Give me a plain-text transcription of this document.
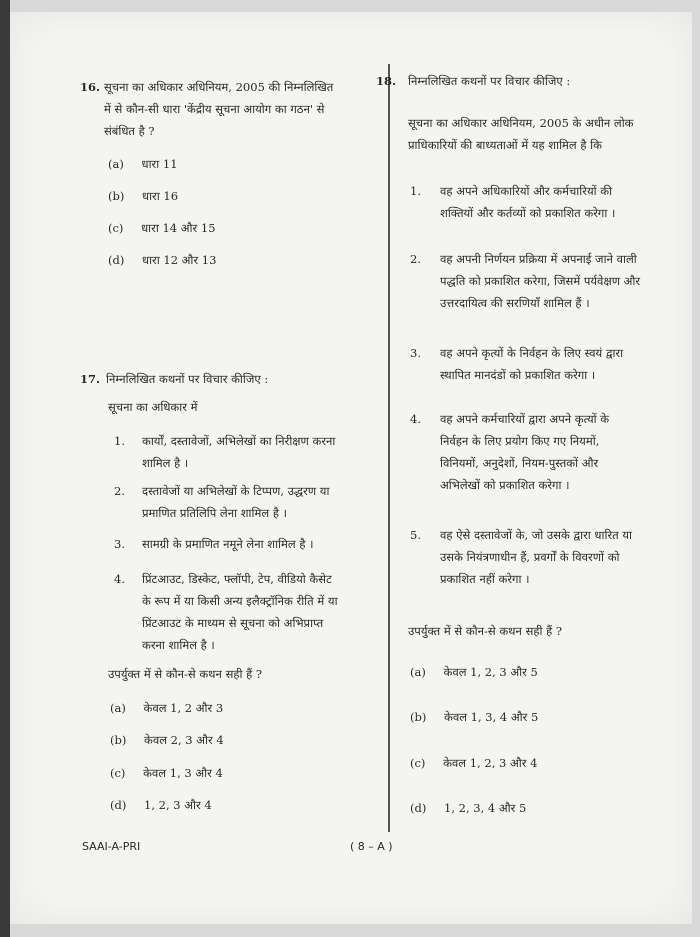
16. सूचना का अधिकार अधिनियम, 2005 की निम्नलिखित
में से कौन-सी धारा 'केंद्रीय सूचना आयोग का गठन' से
संबंधित है ?
(a) धारा 11
(b) धारा 16
(c) धारा 14 और 15
(d) धारा 12 और 13
17. निम्नलिखित कथनों पर विचार कीजिए :
सूचना का अधिकार में
1. कार्यों, दस्तावेजों, अभिलेखों का निरीक्षण करना
शामिल है ।
2. दस्तावेजों या अभिलेखों के टिप्पण, उद्धरण या
प्रमाणित प्रतिलिपि लेना शामिल है ।
3. सामग्री के प्रमाणित नमूने लेना शामिल है ।
4. प्रिंटआउट, डिस्केट, फ्लॉपी, टेप, वीडियो कैसेट
के रूप में या किसी अन्य इलैक्ट्रॉनिक रीति में या
प्रिंटआउट के माध्यम से सूचना को अभिप्राप्त
करना शामिल है ।
उपर्युक्त में से कौन-से कथन सही हैं ?
(a) केवल 1, 2 और 3
(b) केवल 2, 3 और 4
(c) केवल 1, 3 और 4
(d) 1, 2, 3 और 4
18. निम्नलिखित कथनों पर विचार कीजिए :
सूचना का अधिकार अधिनियम, 2005 के अधीन लोक
प्राधिकारियों की बाध्यताओं में यह शामिल है कि
1. वह अपने अधिकारियों और कर्मचारियों की
शक्तियों और कर्तव्यों को प्रकाशित करेगा ।
2. वह अपनी निर्णयन प्रक्रिया में अपनाई जाने वाली
पद्धति को प्रकाशित करेगा, जिसमें पर्यवेक्षण और
उत्तरदायित्व की सरणियाँ शामिल हैं ।
3. वह अपने कृत्यों के निर्वहन के लिए स्वयं द्वारा
स्थापित मानदंडों को प्रकाशित करेगा ।
4. वह अपने कर्मचारियों द्वारा अपने कृत्यों के
निर्वहन के लिए प्रयोग किए गए नियमों,
विनियमों, अनुदेशों, नियम-पुस्तकों और
अभिलेखों को प्रकाशित करेगा ।
5. वह ऐसे दस्तावेजों के, जो उसके द्वारा धारित या
उसके नियंत्रणाधीन हैं, प्रवर्गों के विवरणों को
प्रकाशित नहीं करेगा ।
उपर्युक्त में से कौन-से कथन सही हैं ?
(a) केवल 1, 2, 3 और 5
(b) केवल 1, 3, 4 और 5
(c) केवल 1, 2, 3 और 4
(d) 1, 2, 3, 4 और 5
SAAI-A-PRI	( 8 – A )
